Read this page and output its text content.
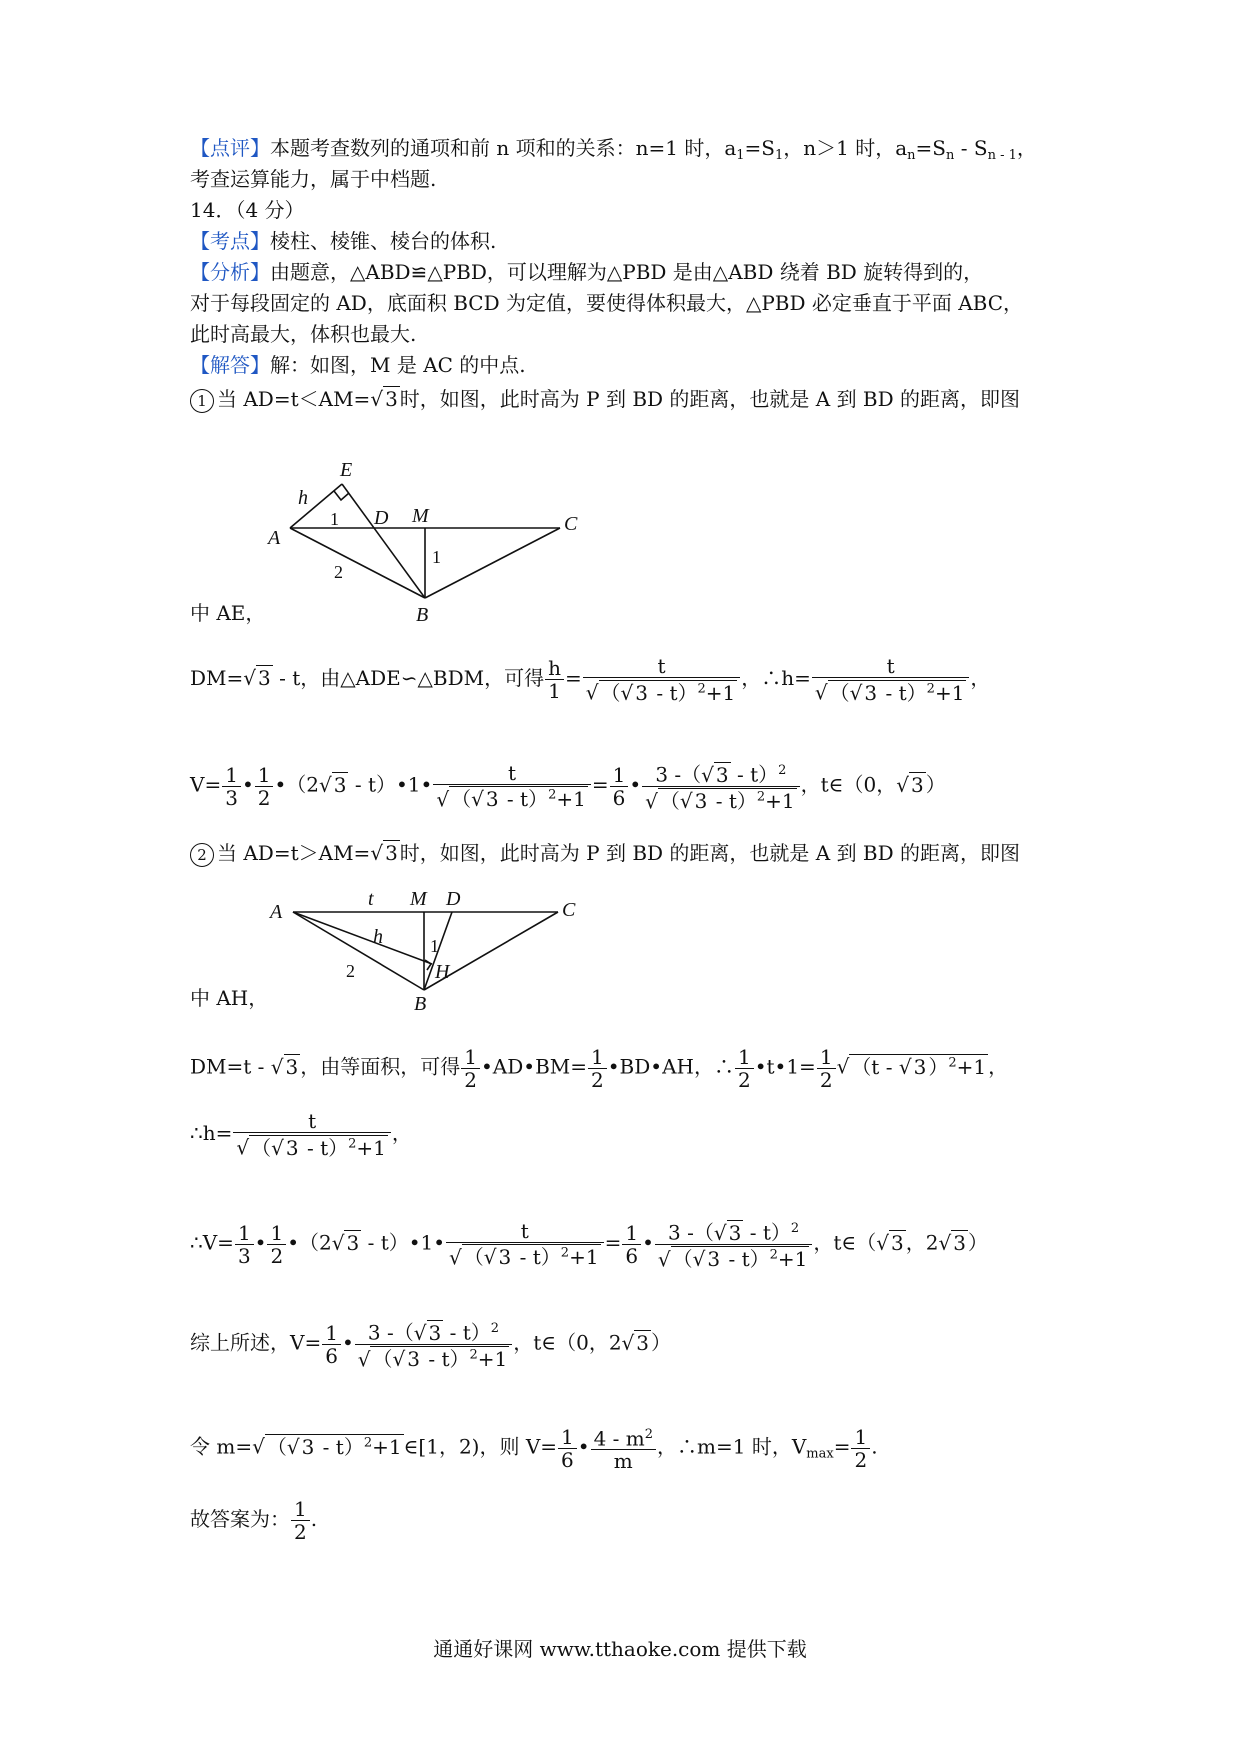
【点评】本题考查数列的通项和前 n 项和的关系：n=1 时，$a_1=S_1$，n＞1 时，$a_n=S_n - S_{n - 1}$，
考查运算能力，属于中档题.
14．（4 分）
【考点】棱柱、棱锥、棱台的体积.
【分析】由题意，△ABD≌△PBD，可以理解为△PBD 是由△ABD 绕着 BD 旋转得到的，
对于每段固定的 AD，底面积 BCD 为定值，要使得体积最大，△PBD 必定垂直于平面 ABC，
此时高最大，体积也最大.
【解答】解：如图，M 是 AC 的中点.
1 当 AD=t＜AM=√ 3 时，如图，此时高为 P 到 BD 的距离，也就是 A 到 BD 的距离，即图
E
h
1 D M	C
A
1
2
B
中 AE，
DM=√ 3 - t，由△ADE∽△BDM，可得 $\frac{h}{1} = \frac{t}{√ (√ 3 - t)^2+1}$ ，∴h= $\frac{t}{√ (√ 3 - t)^2+1}$ ，
$V= \frac{1}{3}$ • $\frac{1}{2}$ •（2√ 3 - t）•1• $\frac{t}{√ (√ 3 - t)^2+1} = \frac{1}{6}$ • $\frac{3 -(√ 3 - t)^2}{√ (√ 3 - t)^2+1}$ ，t∈（0，√ 3 ）
2 当 AD=t＞AM=√ 3 时，如图，此时高为 P 到 BD 的距离，也就是 A 到 BD 的距离，即图
A
t M D	C
h	1
H
2
B
中 AH，
DM=t - √ 3 ，由等面积，可得 $\frac{1}{2}$ •AD•BM= $\frac{1}{2}$ •BD•AH，∴ $\frac{1}{2}$ •t•1= $\frac{1}{2}$ √ （t - √ 3 ）$^2$+1 ，
∴h= $\frac{t}{√ (√ 3 - t)^2+1}$ ，
∴V= $\frac{1}{3}$ • $\frac{1}{2}$ •（2√ 3 - t）•1• $\frac{t}{√ (√ 3 - t)^2+1} = \frac{1}{6}$ • $\frac{3 -(√ 3 - t)^2}{√ (√ 3 - t)^2+1}$ ，t∈（√ 3 ，2√ 3 ）
综上所述，$V= \frac{1}{6}$ • $\frac{3 -(√ 3 - t)^2}{√ (√ 3 - t)^2+1}$ ，t∈（0，2√ 3 ）
令 m=√ （√ 3 - t）$^2$+1 ∈[1，2)，则 $V= \frac{1}{6}$ • $\frac{4 - m^2}{m}$ ，∴m=1 时，$V_{max}= \frac{1}{2}$ .
故答案为： $\frac{1}{2}$ .
通通好课网 www.tthaoke.com 提供下载
